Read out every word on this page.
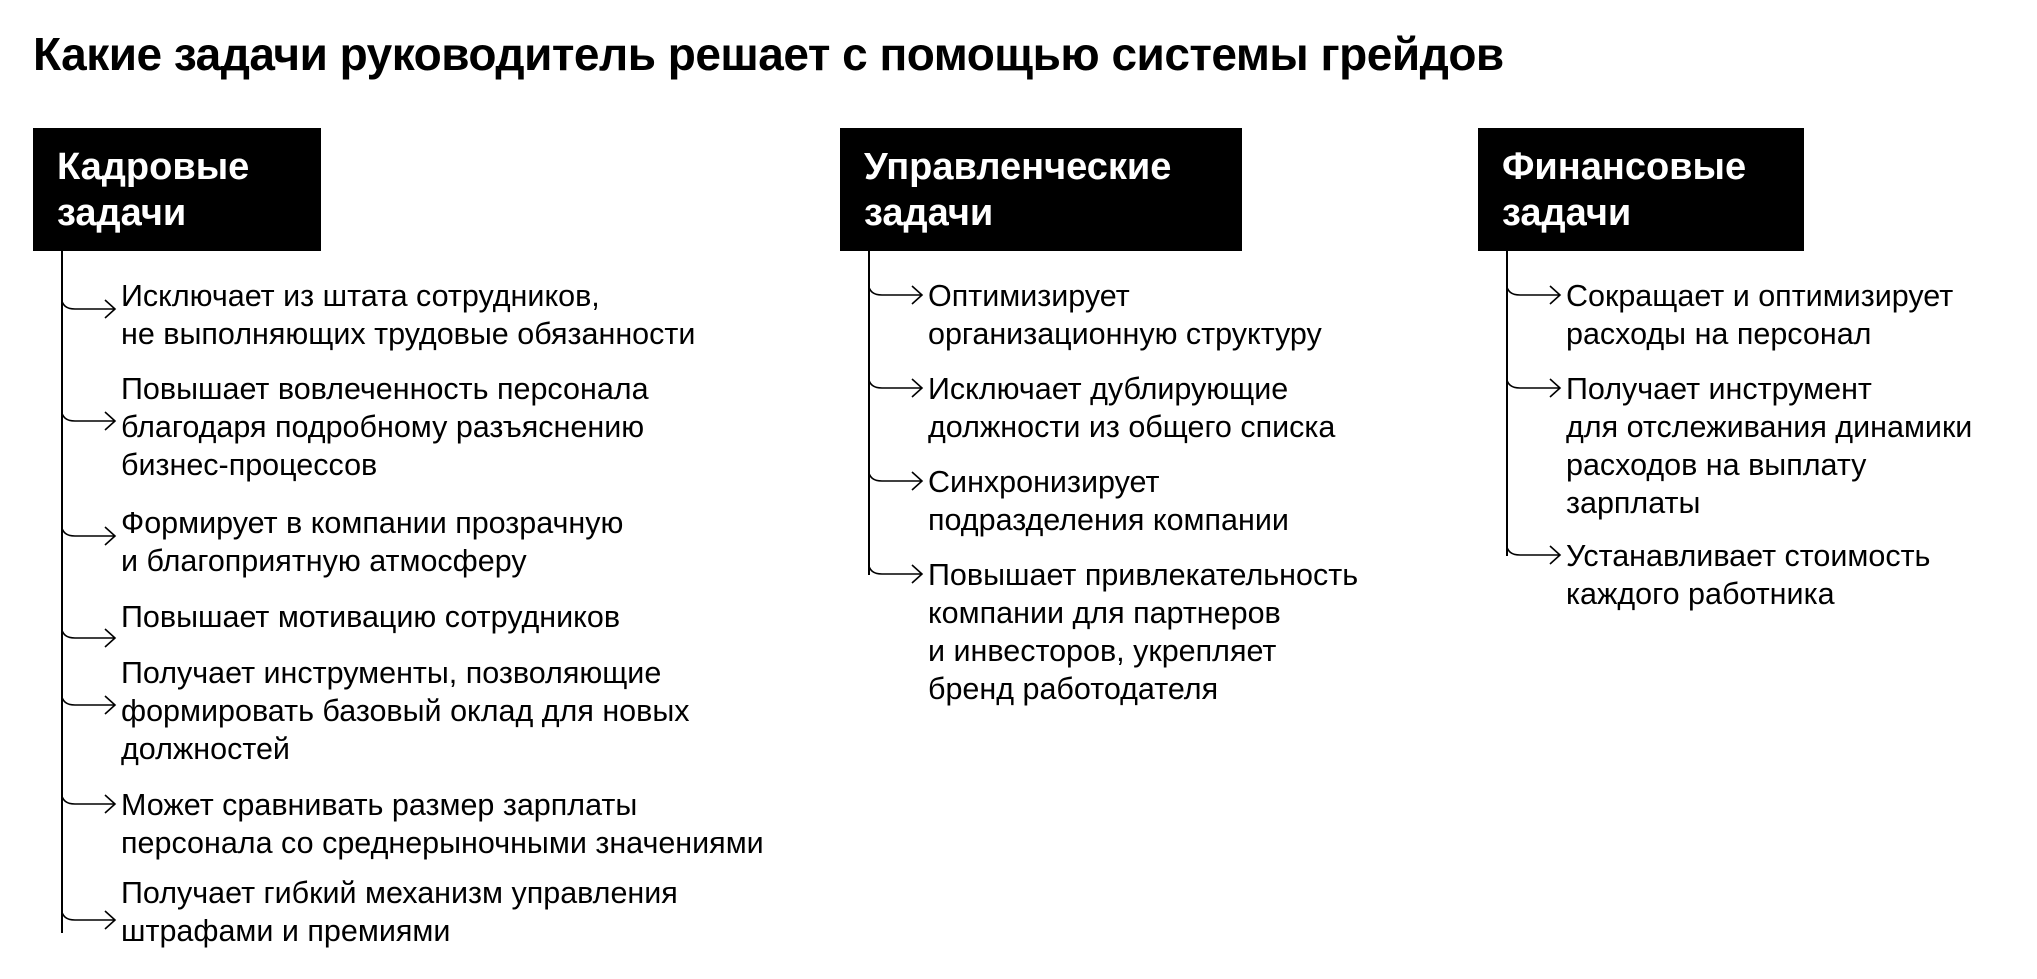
Какие задачи руководитель решает с помощью системы грейдов
Кадровые
задачи
Исключает из штата сотрудников,
не выполняющих трудовые обязанности
Повышает вовлеченность персонала
благодаря подробному разъяснению
бизнес-процессов
Формирует в компании прозрачную
и благоприятную атмосферу
Повышает мотивацию сотрудников
Получает инструменты, позволяющие
формировать базовый оклад для новых
должностей
Может сравнивать размер зарплаты
персонала со среднерыночными значениями
Получает гибкий механизм управления
штрафами и премиями
Управленческие
задачи
Оптимизирует
организационную структуру
Исключает дублирующие
должности из общего списка
Синхронизирует
подразделения компании
Повышает привлекательность
компании для партнеров
и инвесторов, укрепляет
бренд работодателя
Финансовые
задачи
Сокращает и оптимизирует
расходы на персонал
Получает инструмент
для отслеживания динамики
расходов на выплату
зарплаты
Устанавливает стоимость
каждого работника
